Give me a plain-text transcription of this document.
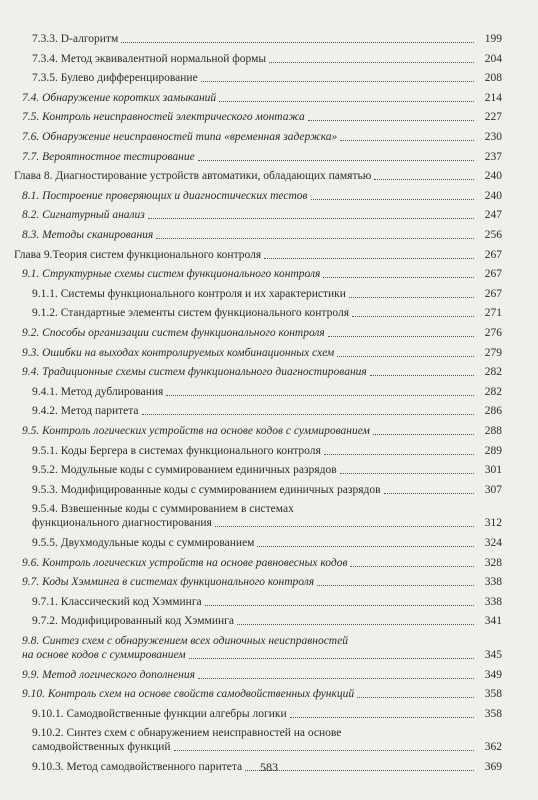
7.3.3. D-алгоритм	199
7.3.4. Метод эквивалентной нормальной формы	204
7.3.5. Булево дифференцирование	208
7.4. Обнаружение коротких замыканий	214
7.5. Контроль неисправностей электрического монтажа	227
7.6. Обнаружение неисправностей типа «временная задержка»	230
7.7. Вероятностное тестирование	237
Глава 8. Диагностирование устройств автоматики, обладающих памятью	240
8.1. Построение проверяющих и диагностических тестов	240
8.2. Сигнатурный анализ	247
8.3. Методы сканирования	256
Глава 9.Теория систем функционального контроля	267
9.1. Структурные схемы систем функционального контроля	267
9.1.1. Системы функционального контроля и их характеристики	267
9.1.2. Стандартные элементы систем функционального контроля	271
9.2. Способы организации систем функционального контроля	276
9.3. Ошибки на выходах контролируемых комбинационных схем	279
9.4. Традиционные схемы систем функционального диагностирования	282
9.4.1. Метод дублирования	282
9.4.2. Метод паритета	286
9.5. Контроль логических устройств на основе кодов с суммированием	288
9.5.1. Коды Бергера в системах функционального контроля	289
9.5.2. Модульные коды с суммированием единичных разрядов	301
9.5.3. Модифицированные коды с суммированием единичных разрядов	307
9.5.4. Взвешенные коды с суммированием в системах
функционального диагностирования	312
9.5.5. Двухмодульные коды с суммированием	324
9.6. Контроль логических устройств на основе равновесных кодов	328
9.7. Коды Хэмминга в системах функционального контроля	338
9.7.1. Классический код Хэмминга	338
9.7.2. Модифицированный код Хэмминга	341
9.8. Синтез схем с обнаружением всех одиночных неисправностей
на основе кодов с суммированием	345
9.9. Метод логического дополнения	349
9.10. Контроль схем на основе свойств самодвойственных функций	358
9.10.1. Самодвойственные функции алгебры логики	358
9.10.2. Синтез схем с обнаружением неисправностей на основе
самодвойственных функций	362
9.10.3. Метод самодвойственного паритета	369
583
